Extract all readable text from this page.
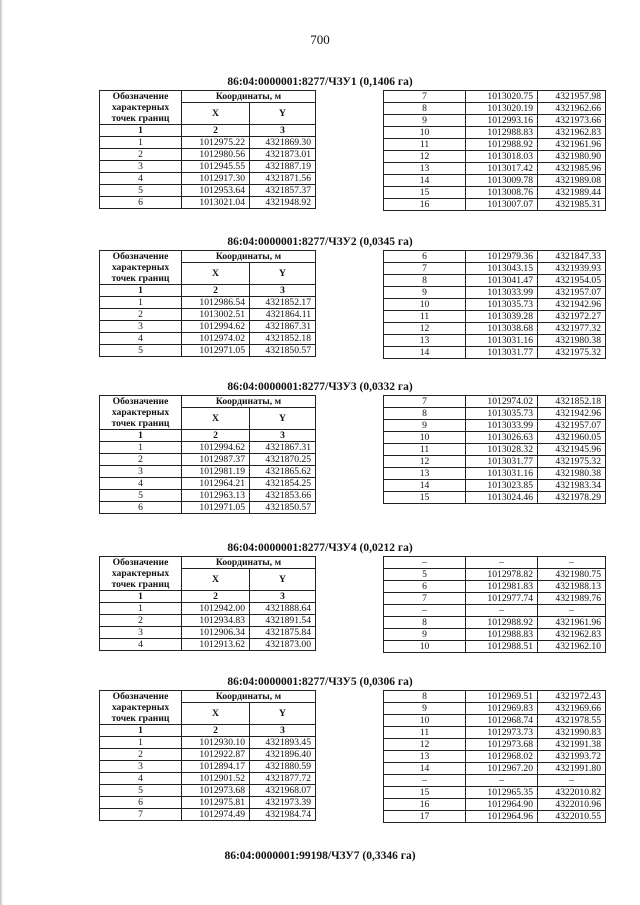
700
86:04:0000001:8277/ЧЗУ1 (0,1406 га)
Обозначение характерных точек границ	Координаты, м	
	X	Y

1	2	3
1	1012975.22	4321869.30
2	1012980.56	4321873.01
3	1012945.55	4321887.19
4	1012917.30	4321871.56
5	1012953.64	4321857.37
6	1013021.04	4321948.92
7	1013020.75	4321957.98
8	1013020.19	4321962.66
9	1012993.16	4321973.66
10	1012988.83	4321962.83
11	1012988.92	4321961.96
12	1013018.03	4321980.90
13	1013017.42	4321985.96
14	1013009.78	4321989.08
15	1013008.76	4321989.44
16	1013007.07	4321985.31
86:04:0000001:8277/ЧЗУ2 (0,0345 га)
Обозначение характерных точек границ	Координаты, м	
	X	Y

1	2	3
1	1012986.54	4321852.17
2	1013002.51	4321864.11
3	1012994.62	4321867.31
4	1012974.02	4321852.18
5	1012971.05	4321850.57
6	1012979.36	4321847.33
7	1013043.15	4321939.93
8	1013041.47	4321954.05
9	1013033.99	4321957.07
10	1013035.73	4321942.96
11	1013039.28	4321972.27
12	1013038.68	4321977.32
13	1013031.16	4321980.38
14	1013031.77	4321975.32
86:04:0000001:8277/ЧЗУ3 (0,0332 га)
Обозначение характерных точек границ	Координаты, м	
	X	Y

1	2	3
1	1012994.62	4321867.31
2	1012987.37	4321870.25
3	1012981.19	4321865.62
4	1012964.21	4321854.25
5	1012963.13	4321853.66
6	1012971.05	4321850.57
7	1012974.02	4321852.18
8	1013035.73	4321942.96
9	1013033.99	4321957.07
10	1013026.63	4321960.05
11	1013028.32	4321945.96
12	1013031.77	4321975.32
13	1013031.16	4321980.38
14	1013023.85	4321983.34
15	1013024.46	4321978.29
86:04:0000001:8277/ЧЗУ4 (0,0212 га)
Обозначение характерных точек границ	Координаты, м	
	X	Y

1	2	3
1	1012942.00	4321888.64
2	1012934.83	4321891.54
3	1012906.34	4321875.84
4	1012913.62	4321873.00
–	–	–
5	1012978.82	4321980.75
6	1012981.83	4321988.13
7	1012977.74	4321989.76
–	–	–
8	1012988.92	4321961.96
9	1012988.83	4321962.83
10	1012988.51	4321962.10
86:04:0000001:8277/ЧЗУ5 (0,0306 га)
Обозначение характерных точек границ	Координаты, м	
	X	Y

1	2	3
1	1012930.10	4321893.45
2	1012922.87	4321896.40
3	1012894.17	4321880.59
4	1012901.52	4321877.72
5	1012973.68	4321968.07
6	1012975.81	4321973.39
7	1012974.49	4321984.74
8	1012969.51	4321972.43
9	1012969.83	4321969.66
10	1012968.74	4321978.55
11	1012973.73	4321990.83
12	1012973.68	4321991.38
13	1012968.02	4321993.72
14	1012967.20	4321991.80
–	–	–
15	1012965.35	4322010.82
16	1012964.90	4322010.96
17	1012964.96	4322010.55
86:04:0000001:99198/ЧЗУ7 (0,3346 га)
